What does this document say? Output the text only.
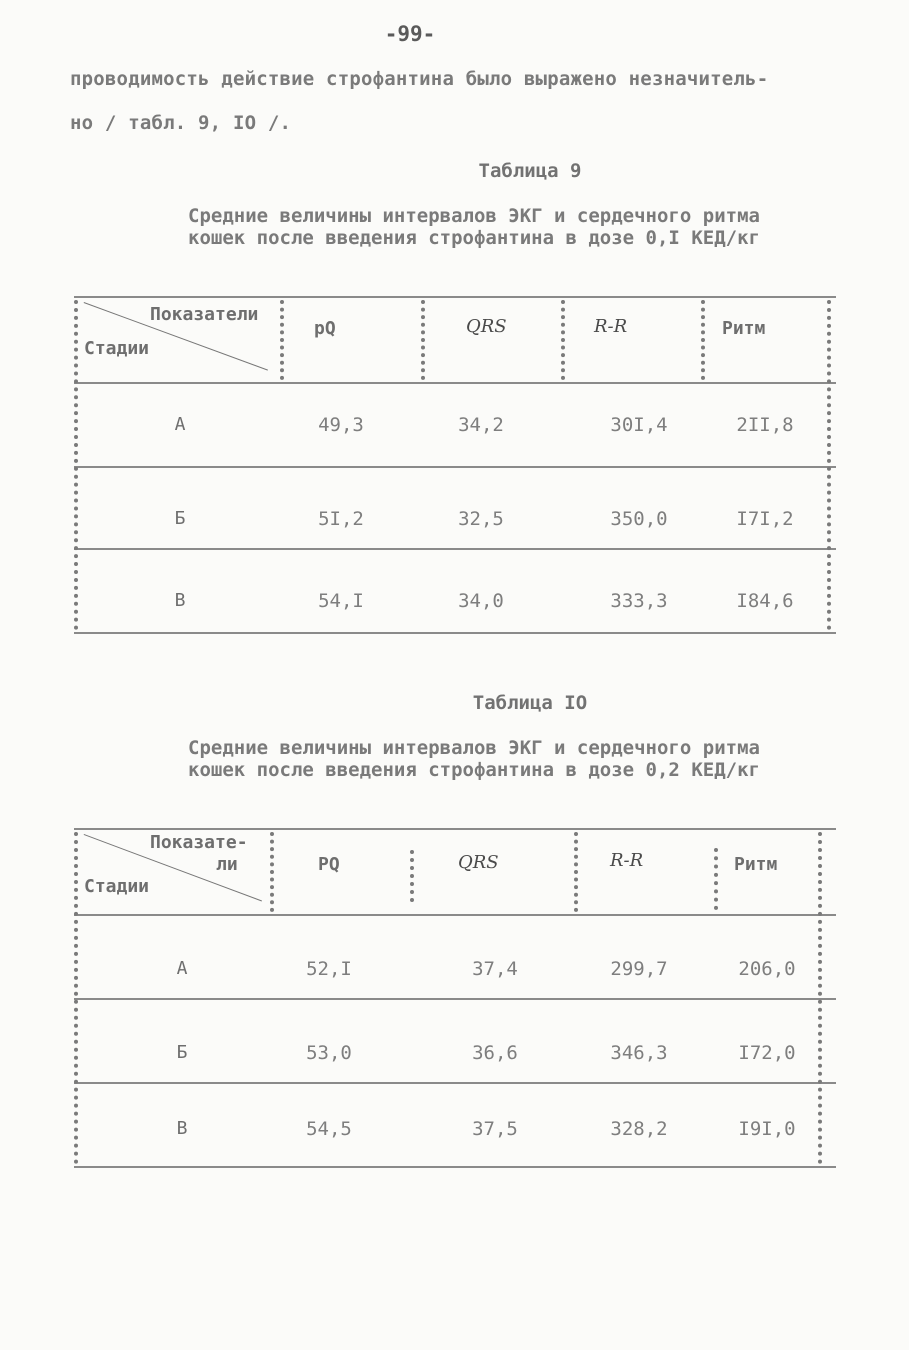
-99-
проводимость действие строфантина было выражено незначитель-
но / табл. 9, IO /.
Таблица 9
Средние величины интервалов ЭКГ и сердечного ритма
кошек после введения строфантина в дозе 0,I КЕД/кг
Показатели
Стадии
pQ	QRS	R-R	Ритм
А	49,3	34,2	30I,4	2II,8
Б	5I,2	32,5	350,0	I7I,2
В	54,I	34,0	333,3	I84,6
Таблица IO
Средние величины интервалов ЭКГ и сердечного ритма
кошек после введения строфантина в дозе 0,2 КЕД/кг
Показате-
ли
Стадии
PQ	QRS	R-R	Ритм
А	52,I	37,4	299,7	206,0
Б	53,0	36,6	346,3	I72,0
В	54,5	37,5	328,2	I9I,0
